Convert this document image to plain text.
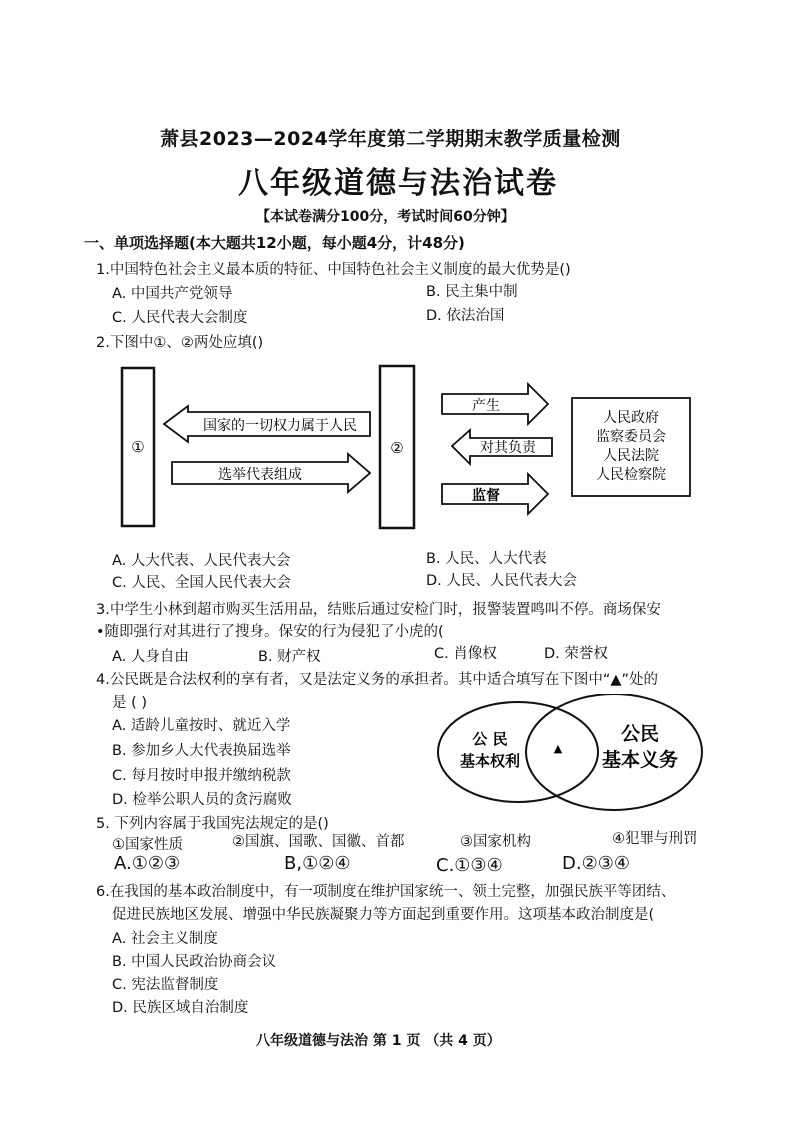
萧县2023—2024学年度第二学期期末教学质量检测
八年级道德与法治试卷
【本试卷满分100分，考试时间60分钟】
一、单项选择题(本大题共12小题，每小题4分，计48分)
1.中国特色社会主义最本质的特征、中国特色社会主义制度的最大优势是()
A. 中国共产党领导	B. 民主集中制
C. 人民代表大会制度	D. 依法治国
2.下图中①、②两处应填()
①	②
国家的一切权力属于人民
选举代表组成
产生
对其负责
监督
人民政府
监察委员会
人民法院
人民检察院
A. 人大代表、人民代表大会	B. 人民、人大代表
C. 人民、全国人民代表大会	D. 人民、人民代表大会
3.中学生小林到超市购买生活用品，结账后通过安检门时，报警装置鸣叫不停。商场保安
•随即强行对其进行了搜身。保安的行为侵犯了小虎的(
A. 人身自由	B. 财产权	C. 肖像权	D. 荣誉权
4.公民既是合法权利的享有者，又是法定义务的承担者。其中适合填写在下图中“▲”处的
是 ( )
A. 适龄儿童按时、就近入学
B. 参加乡人大代表换届选举
C. 每月按时申报并缴纳税款
D. 检举公职人员的贪污腐败
公 民
基本权利
▲
公民
基本义务
5. 下列内容属于我国宪法规定的是()
①国家性质	②国旗、国歌、国徽、首都	③国家机构	④犯罪与刑罚
A.①②③	B,①②④	C.①③④	D.②③④
6.在我国的基本政治制度中，有一项制度在维护国家统一、领土完整，加强民族平等团结、
促进民族地区发展、增强中华民族凝聚力等方面起到重要作用。这项基本政治制度是(
A. 社会主义制度
B. 中国人民政治协商会议
C. 宪法监督制度
D. 民族区域自治制度
八年级道德与法治 第 1 页 （共 4 页）
